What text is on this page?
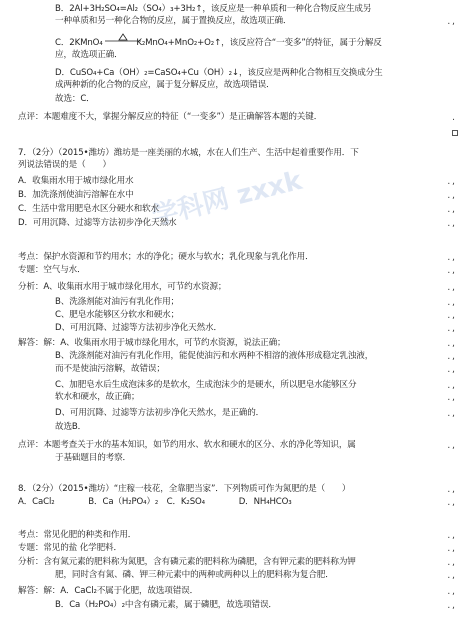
学科网 zxxk
B．2Al+3H₂SO₄=Al₂（SO₄）₃+3H₂↑，该反应是一种单质和一种化合物反应生成另
一种单质和另一种化合物的反应，属于置换反应，故选项正确．	.,
C．2KMnO₄　　　　K₂MnO₄+MnO₂+O₂↑，该反应符合“一变多”的特征，属于分解反
应，故选项正确．
D．CuSO₄+Ca（OH）₂=CaSO₄+Cu（OH）₂↓，该反应是两种化合物相互交换成分生
成两种新的化合物的反应，属于复分解反应，故选项错误．
故选：C．
点评：本题难度不大，掌握分解反应的特征（“一变多”）是正确解答本题的关键．	.
7．（2分）（2015•潍坊）潍坊是一座美丽的水城，水在人们生产、生活中起着重要作用．下
列说法错误的是（　　）
A．收集雨水用于城市绿化用水	.,
B．加洗涤剂使油污溶解在水中	.,
C．生活中常用肥皂水区分硬水和软水	.,
D．可用沉降、过滤等方法初步净化天然水	.,
考点：保护水资源和节约用水；水的净化；硬水与软水；乳化现象与乳化作用．	.,
专题：空气与水．	.,
分析：A、收集雨水用于城市绿化用水，可节约水资源；	.,
B、洗涤剂能对油污有乳化作用；	.,
C、肥皂水能够区分软水和硬水；	.,
D、可用沉降、过滤等方法初步净化天然水．	.,
解答：解：A、收集雨水用于城市绿化用水，可节约水资源，说法正确；	.,
B、洗涤剂能对油污有乳化作用，能促使油污和水两种不相溶的液体形成稳定乳浊液，	.,
而不是使油污溶解，故错误；	.,
C、加肥皂水后生成泡沫多的是软水，生成泡沫少的是硬水，所以肥皂水能够区分	.,
软水和硬水，故正确；	.,
D、可用沉降、过滤等方法初步净化天然水，是正确的．	.,
故选B．
点评：本题考查关于水的基本知识，如节约用水、软水和硬水的区分、水的净化等知识，属	.,
于基础题目的考察．
8．（2分）（2015•潍坊）“庄稼一枝花，全靠肥当家”．下列物质可作为氮肥的是（　　）	.,
A．CaCl₂　　　　B．Ca（H₂PO₄）₂　C．K₂SO₄　　　　D．NH₄HCO₃	.,
考点：常见化肥的种类和作用．	.,
专题：常见的盐 化学肥料．	.,
分析：含有氮元素的肥料称为氮肥，含有磷元素的肥料称为磷肥，含有钾元素的肥料称为钾	.,
肥，同时含有氮、磷、钾三种元素中的两种或两种以上的肥料称为复合肥．	.,
解答：解：A．CaCl₂不属于化肥，故选项错误．	.,
B．Ca（H₂PO₄）₂中含有磷元素，属于磷肥，故选项错误．	.,
